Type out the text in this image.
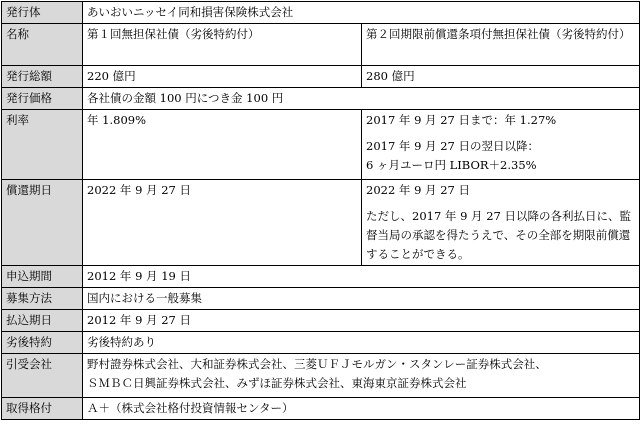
発行体	あいおいニッセイ同和損害保険株式会社	
名称	第１回無担保社債（劣後特約付）	第２回期限前償還条項付無担保社債（劣後特約付）
発行総額	220 億円	280 億円
発行価格	各社債の金額 100 円につき金 100 円	
利率	年 1.809%	2017 年 9 月 27 日まで：年 1.27%
2017 年 9 月 27 日の翌日以降：
6 ヶ月ユーロ円 LIBOR＋2.35%

償還期日	2022 年 9 月 27 日	2022 年 9 月 27 日
ただし、2017 年 9 月 27 日以降の各利払日に、監督当局の承認を得たうえで、その全部を期限前償還することができる。

申込期間	2012 年 9 月 19 日	
募集方法	国内における一般募集	
払込期日	2012 年 9 月 27 日	
劣後特約	劣後特約あり	
引受会社	野村證券株式会社、大和証券株式会社、三菱ＵＦＪモルガン・スタンレー証券株式会社、
ＳＭＢＣ日興証券株式会社、みずほ証券株式会社、東海東京証券株式会社	

取得格付	Ａ＋（株式会社格付投資情報センター）	
